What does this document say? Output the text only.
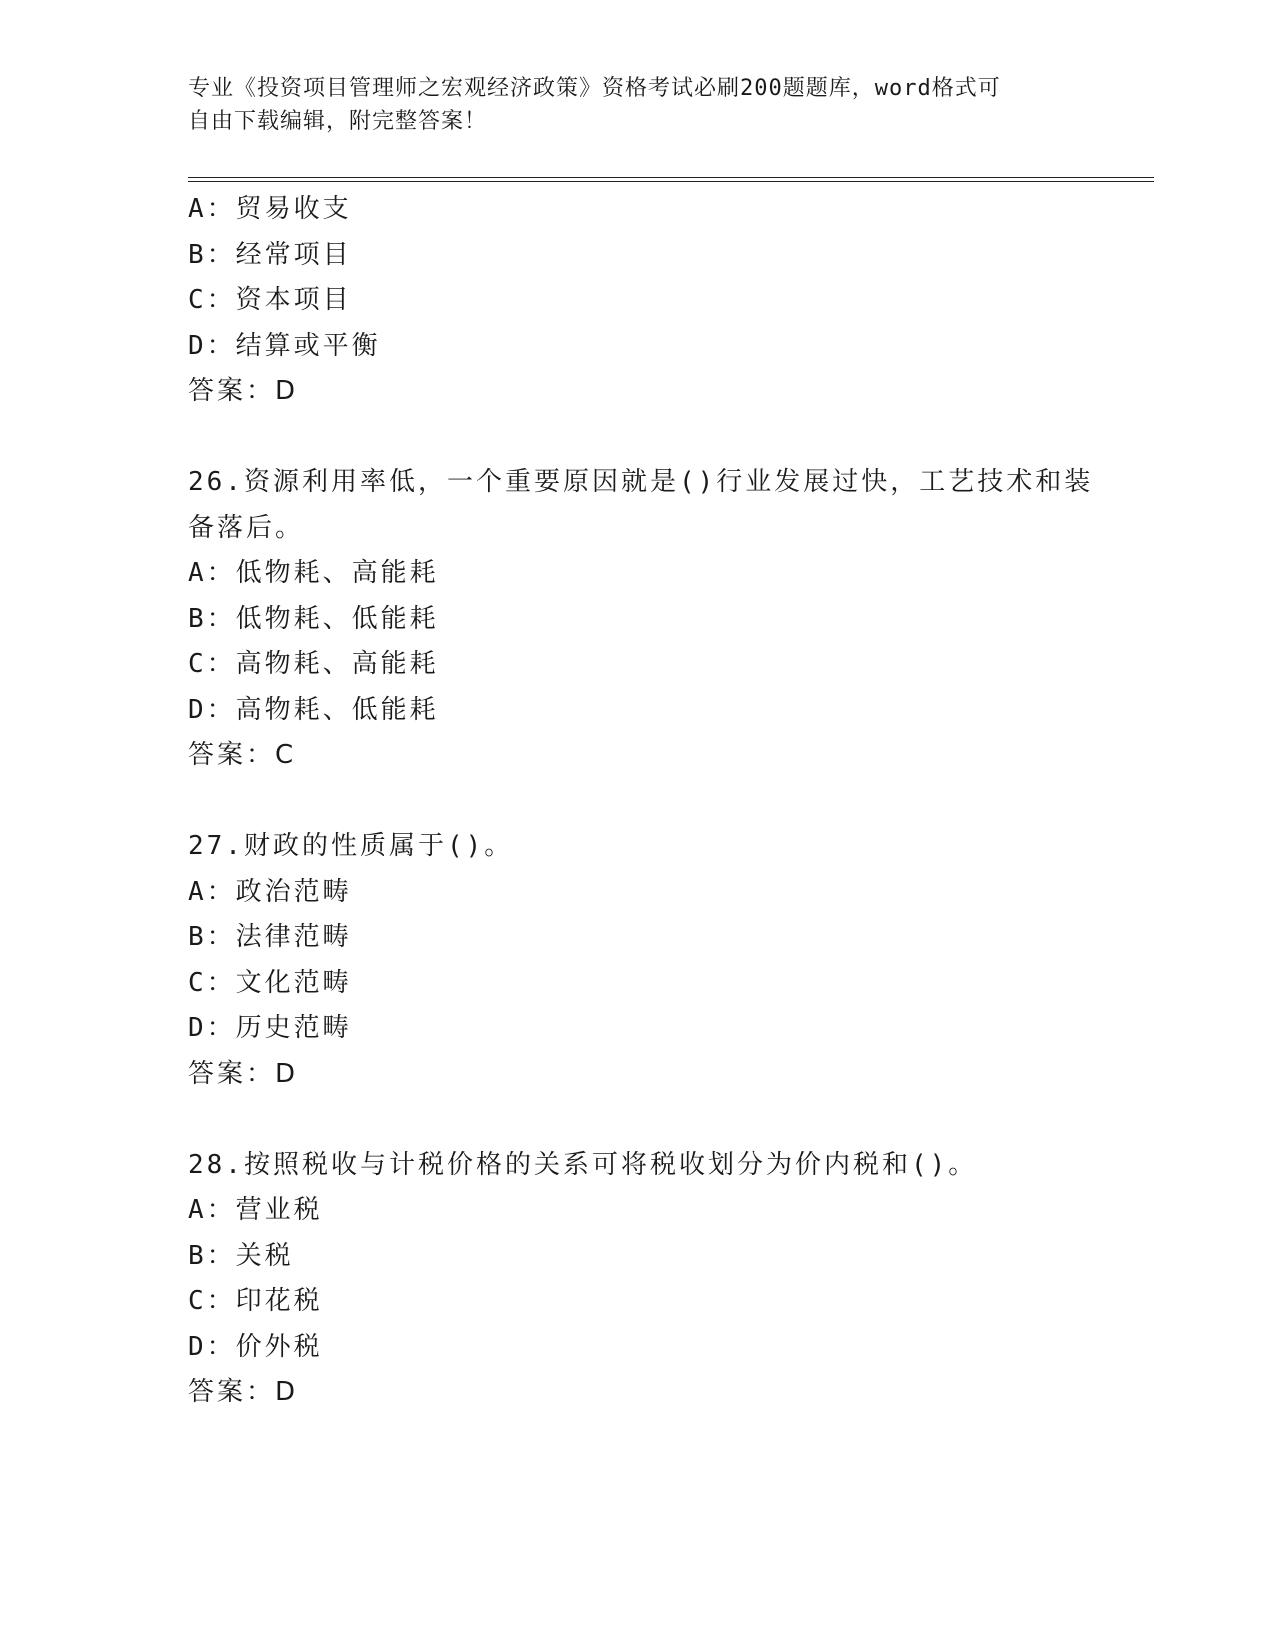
专业《投资项目管理师之宏观经济政策》资格考试必刷200题题库，word格式可
自由下载编辑，附完整答案！
A：贸易收支
B：经常项目
C：资本项目
D：结算或平衡
答案：D
26.资源利用率低，一个重要原因就是()行业发展过快，工艺技术和装
备落后。
A：低物耗、高能耗
B：低物耗、低能耗
C：高物耗、高能耗
D：高物耗、低能耗
答案：C
27.财政的性质属于()。
A：政治范畴
B：法律范畴
C：文化范畴
D：历史范畴
答案：D
28.按照税收与计税价格的关系可将税收划分为价内税和()。
A：营业税
B：关税
C：印花税
D：价外税
答案：D
